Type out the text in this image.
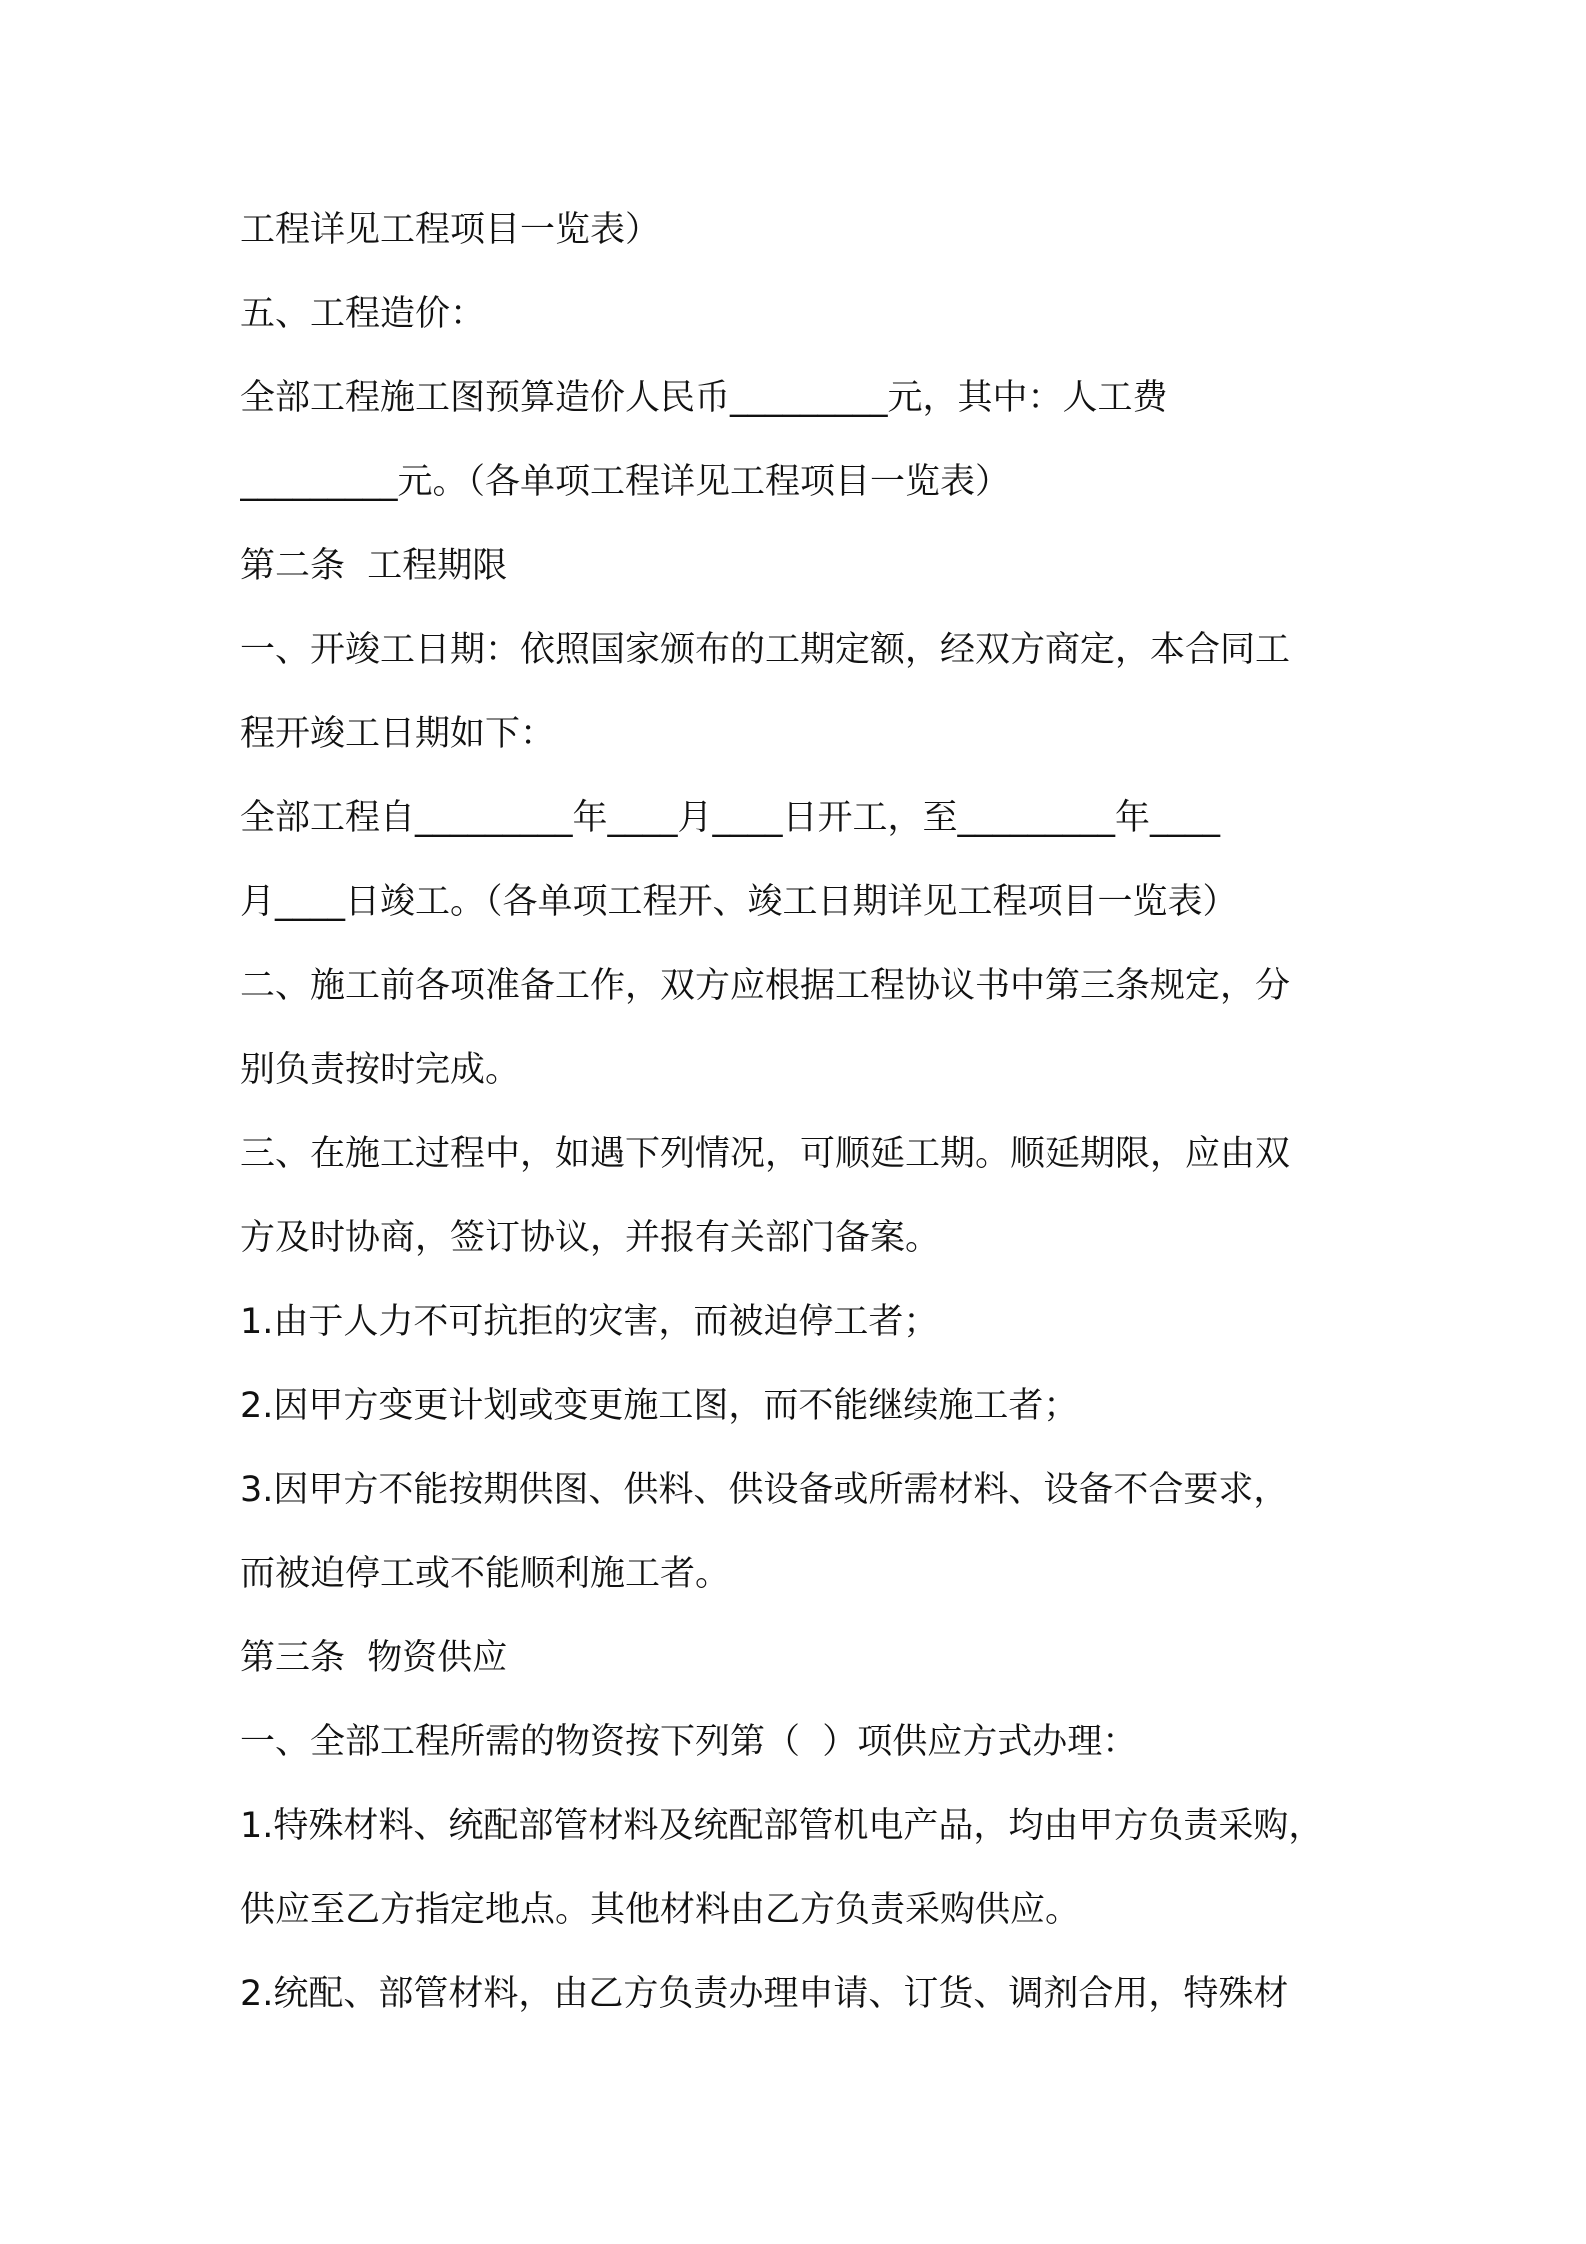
工程详见工程项目一览表）
五、工程造价：
全部工程施工图预算造价人民币_________元，其中：人工费
_________元。（各单项工程详见工程项目一览表）
第二条  工程期限
一、开竣工日期：依照国家颁布的工期定额，经双方商定，本合同工
程开竣工日期如下：
全部工程自_________年____月____日开工，至_________年____
月____日竣工。（各单项工程开、竣工日期详见工程项目一览表）
二、施工前各项准备工作，双方应根据工程协议书中第三条规定，分
别负责按时完成。
三、在施工过程中，如遇下列情况，可顺延工期。顺延期限，应由双
方及时协商，签订协议，并报有关部门备案。
1.由于人力不可抗拒的灾害，而被迫停工者；
2.因甲方变更计划或变更施工图，而不能继续施工者；
3.因甲方不能按期供图、供料、供设备或所需材料、设备不合要求，
而被迫停工或不能顺利施工者。
第三条  物资供应
一、全部工程所需的物资按下列第（  ）项供应方式办理：
1.特殊材料、统配部管材料及统配部管机电产品，均由甲方负责采购，
供应至乙方指定地点。其他材料由乙方负责采购供应。
2.统配、部管材料，由乙方负责办理申请、订货、调剂合用，特殊材
